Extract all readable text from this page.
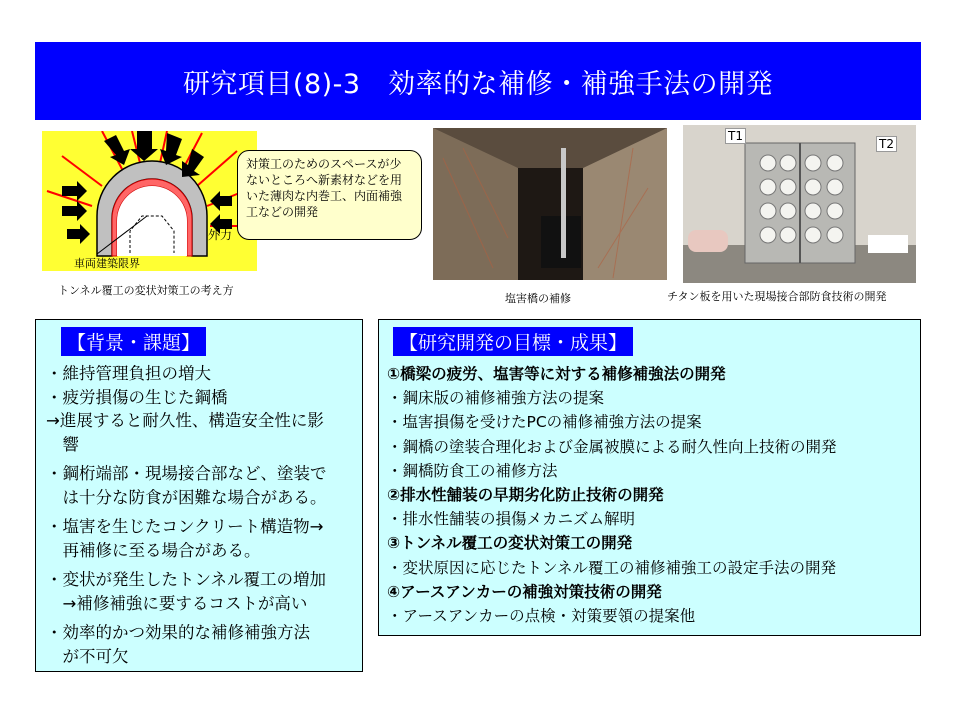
研究項目(8)-3　効率的な補修・補強手法の開発
外力
車両建築限界
対策工のためのスペースが少ないところへ新素材などを用いた薄肉な内巻工、内面補強工などの開発
トンネル覆工の変状対策工の考え方
塩害橋の補修
T1
T2
チタン板を用いた現場接合部防食技術の開発
【背景・課題】
・維持管理負担の増大
・疲労損傷の生じた鋼橋
→進展すると耐久性、構造安全性に影
　響
・鋼桁端部・現場接合部など、塗装で
　は十分な防食が困難な場合がある。
・塩害を生じたコンクリート構造物→
　再補修に至る場合がある。
・変状が発生したトンネル覆工の増加
　→補修補強に要するコストが高い
・効率的かつ効果的な補修補強方法
　が不可欠
【研究開発の目標・成果】
①橋梁の疲労、塩害等に対する補修補強法の開発
・鋼床版の補修補強方法の提案
・塩害損傷を受けたPCの補修補強方法の提案
・鋼橋の塗装合理化および金属被膜による耐久性向上技術の開発
・鋼橋防食工の補修方法
②排水性舗装の早期劣化防止技術の開発
・排水性舗装の損傷メカニズム解明
③トンネル覆工の変状対策工の開発
・変状原因に応じたトンネル覆工の補修補強工の設定手法の開発
④アースアンカーの補強対策技術の開発
・アースアンカーの点検・対策要領の提案他
